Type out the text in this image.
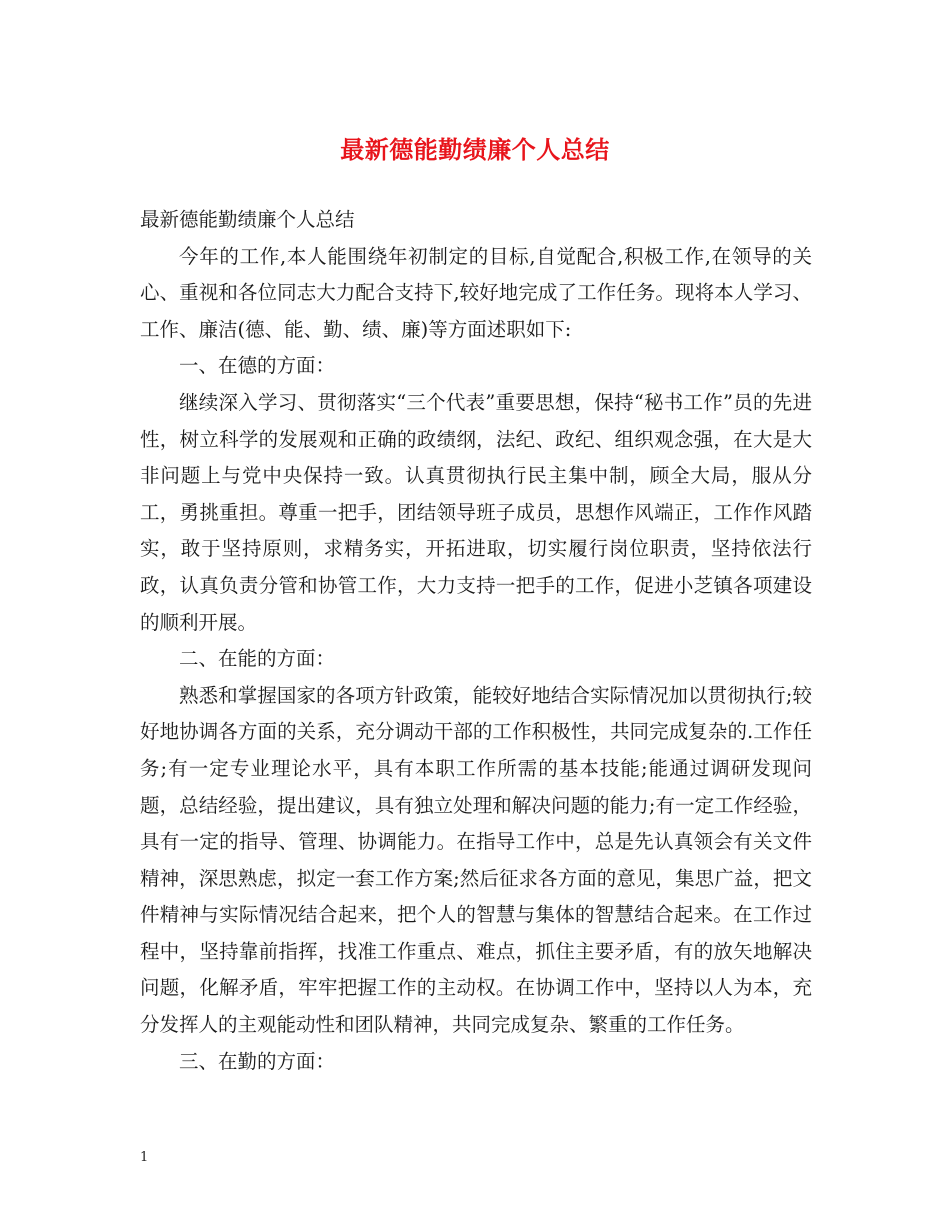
最新德能勤绩廉个人总结

最新德能勤绩廉个人总结

今年的工作,本人能围绕年初制定的目标,自觉配合,积极工作,在领导的关心、重视和各位同志大力配合支持下,较好地完成了工作任务。现将本人学习、工作、廉洁(德、能、勤、绩、廉)等方面述职如下:

一、在德的方面：

继续深入学习、贯彻落实“三个代表”重要思想，保持“秘书工作”员的先进性，树立科学的发展观和正确的政绩纲，法纪、政纪、组织观念强，在大是大非问题上与党中央保持一致。认真贯彻执行民主集中制，顾全大局，服从分工，勇挑重担。尊重一把手，团结领导班子成员，思想作风端正，工作作风踏实，敢于坚持原则，求精务实，开拓进取，切实履行岗位职责，坚持依法行政，认真负责分管和协管工作，大力支持一把手的工作，促进小芝镇各项建设的顺利开展。

二、在能的方面：

熟悉和掌握国家的各项方针政策，能较好地结合实际情况加以贯彻执行;较好地协调各方面的关系，充分调动干部的工作积极性，共同完成复杂的.工作任务;有一定专业理论水平，具有本职工作所需的基本技能;能通过调研发现问题，总结经验，提出建议，具有独立处理和解决问题的能力;有一定工作经验，具有一定的指导、管理、协调能力。在指导工作中，总是先认真领会有关文件精神，深思熟虑，拟定一套工作方案;然后征求各方面的意见，集思广益，把文件精神与实际情况结合起来，把个人的智慧与集体的智慧结合起来。在工作过程中，坚持靠前指挥，找准工作重点、难点，抓住主要矛盾，有的放矢地解决问题，化解矛盾，牢牢把握工作的主动权。在协调工作中，坚持以人为本，充分发挥人的主观能动性和团队精神，共同完成复杂、繁重的工作任务。

三、在勤的方面：

1
